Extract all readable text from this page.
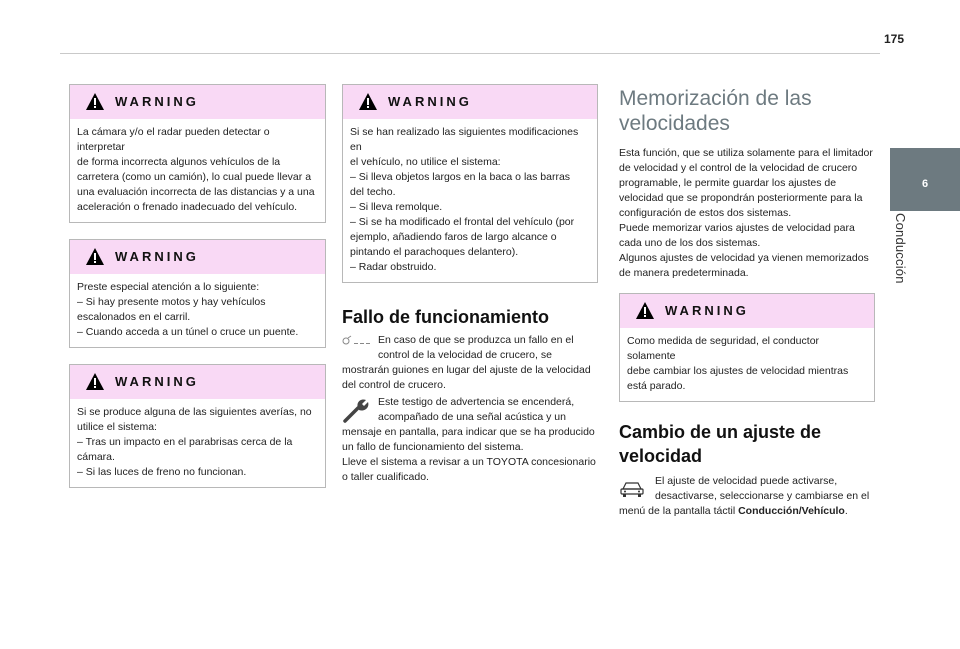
175
6
Conducción
WARNING

La cámara y/o el radar pueden detectar o interpretar

de forma incorrecta algunos vehículos de la

carretera (como un camión), lo cual puede llevar a

una evaluación incorrecta de las distancias y a una

aceleración o frenado inadecuado del vehículo.

WARNING

Preste especial atención a lo siguiente:

– Si hay presente motos y hay vehículos

escalonados en el carril.

– Cuando acceda a un túnel o cruce un puente.

WARNING

Si se produce alguna de las siguientes averías, no

utilice el sistema:

– Tras un impacto en el parabrisas cerca de la

cámara.

– Si las luces de freno no funcionan.

WARNING

Si se han realizado las siguientes modificaciones en

el vehículo, no utilice el sistema:

– Si lleva objetos largos en la baca o las barras

del techo.

– Si lleva remolque.

– Si se ha modificado el frontal del vehículo (por

ejemplo, añadiendo faros de largo alcance o

pintando el parachoques delantero).

– Radar obstruido.

Fallo de funcionamiento

En caso de que se produzca un fallo en el

control de la velocidad de crucero, se

mostrarán guiones en lugar del ajuste de la velocidad

del control de crucero.

Este testigo de advertencia se encenderá,

acompañado de una señal acústica y un

mensaje en pantalla, para indicar que se ha producido

un fallo de funcionamiento del sistema.

Lleve el sistema a revisar a un TOYOTA concesionario

o taller cualificado.

Memorización de las
velocidades

Esta función, que se utiliza solamente para el limitador

de velocidad y el control de la velocidad de crucero

programable, le permite guardar los ajustes de

velocidad que se propondrán posteriormente para la

configuración de estos dos sistemas.

Puede memorizar varios ajustes de velocidad para

cada uno de los dos sistemas.

Algunos ajustes de velocidad ya vienen memorizados

de manera predeterminada.

WARNING

Como medida de seguridad, el conductor solamente

debe cambiar los ajustes de velocidad mientras

está parado.

Cambio de un ajuste de
velocidad

El ajuste de velocidad puede activarse,

desactivarse, seleccionarse y cambiarse en el

menú de la pantalla táctil Conducción/Vehículo.
